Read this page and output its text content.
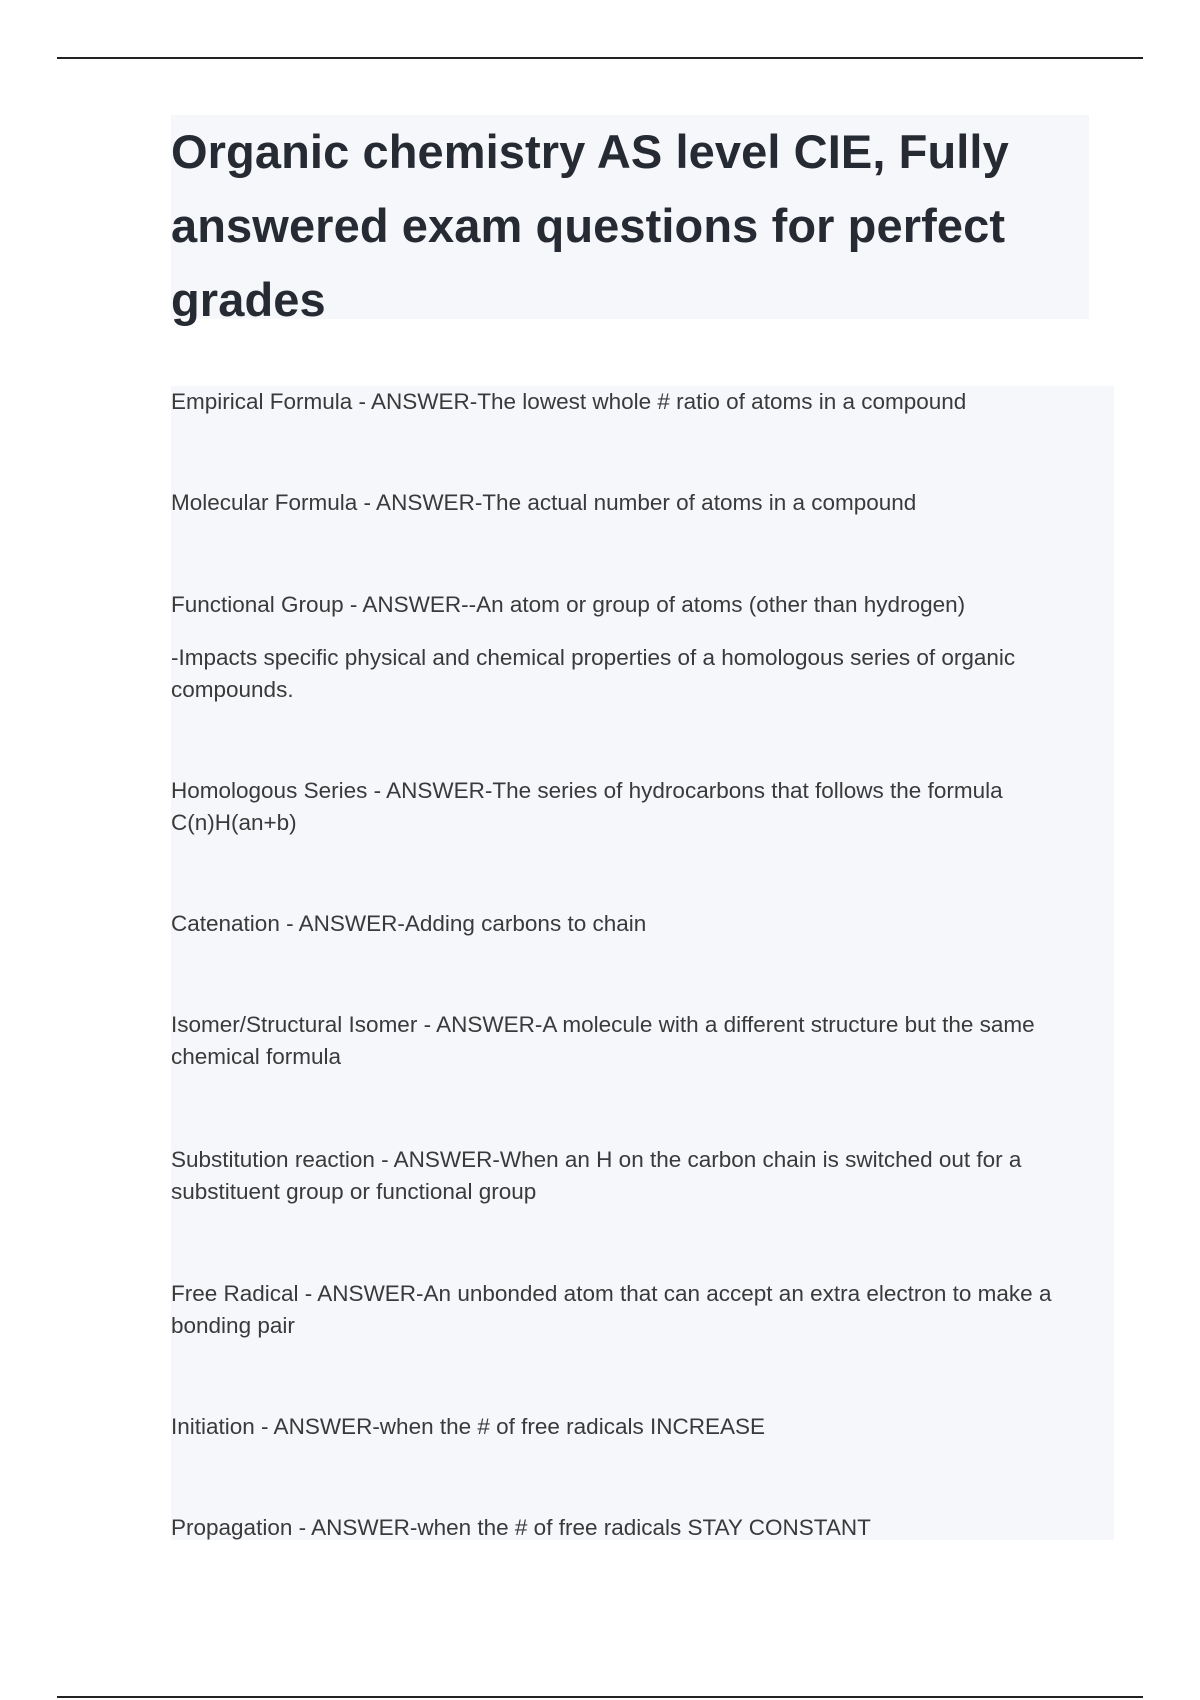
Organic chemistry AS level CIE, Fully answered exam questions for perfect grades

Empirical Formula - ANSWER-The lowest whole # ratio of atoms in a compound

Molecular Formula - ANSWER-The actual number of atoms in a compound

Functional Group - ANSWER--An atom or group of atoms (other than hydrogen)

-Impacts specific physical and chemical properties of a homologous series of organic compounds.

Homologous Series - ANSWER-The series of hydrocarbons that follows the formula C(n)H(an+b)

Catenation - ANSWER-Adding carbons to chain

Isomer/Structural Isomer - ANSWER-A molecule with a different structure but the same chemical formula

Substitution reaction - ANSWER-When an H on the carbon chain is switched out for a substituent group or functional group

Free Radical - ANSWER-An unbonded atom that can accept an extra electron to make a bonding pair

Initiation - ANSWER-when the # of free radicals INCREASE

Propagation - ANSWER-when the # of free radicals STAY CONSTANT
